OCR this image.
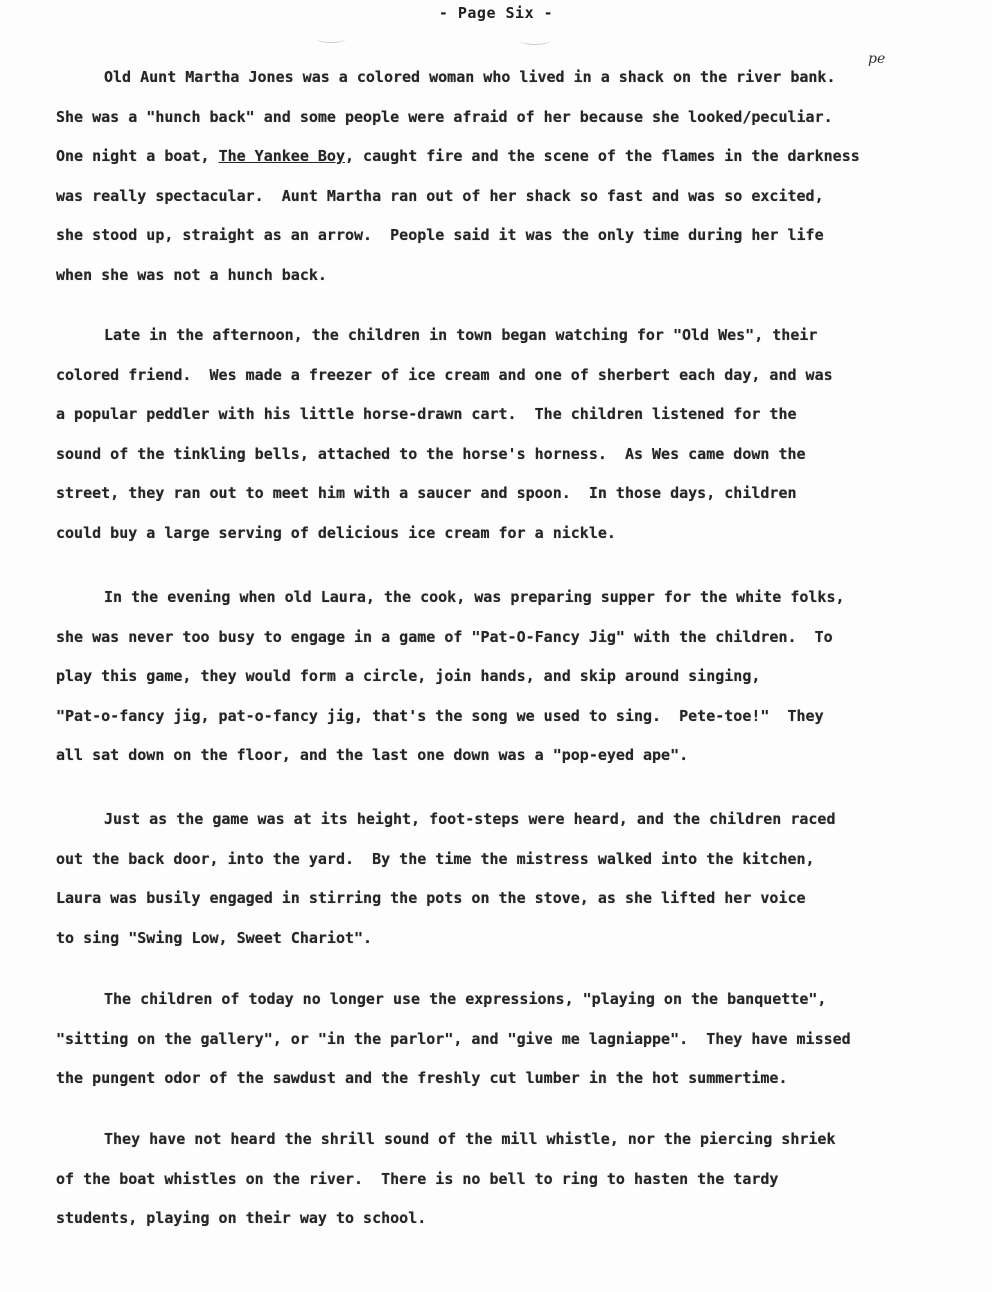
- Page Six -
pe
Old Aunt Martha Jones was a colored woman who lived in a shack on the river bank.
She was a "hunch back" and some people were afraid of her because she looked/peculiar.
One night a boat, The Yankee Boy, caught fire and the scene of the flames in the darkness
was really spectacular.  Aunt Martha ran out of her shack so fast and was so excited,
she stood up, straight as an arrow.  People said it was the only time during her life
when she was not a hunch back.
Late in the afternoon, the children in town began watching for "Old Wes", their
colored friend.  Wes made a freezer of ice cream and one of sherbert each day, and was
a popular peddler with his little horse-drawn cart.  The children listened for the
sound of the tinkling bells, attached to the horse's horness.  As Wes came down the
street, they ran out to meet him with a saucer and spoon.  In those days, children
could buy a large serving of delicious ice cream for a nickle.
In the evening when old Laura, the cook, was preparing supper for the white folks,
she was never too busy to engage in a game of "Pat-O-Fancy Jig" with the children.  To
play this game, they would form a circle, join hands, and skip around singing,
"Pat-o-fancy jig, pat-o-fancy jig, that's the song we used to sing.  Pete-toe!"  They
all sat down on the floor, and the last one down was a "pop-eyed ape".
Just as the game was at its height, foot-steps were heard, and the children raced
out the back door, into the yard.  By the time the mistress walked into the kitchen,
Laura was busily engaged in stirring the pots on the stove, as she lifted her voice
to sing "Swing Low, Sweet Chariot".
The children of today no longer use the expressions, "playing on the banquette",
"sitting on the gallery", or "in the parlor", and "give me lagniappe".  They have missed
the pungent odor of the sawdust and the freshly cut lumber in the hot summertime.
They have not heard the shrill sound of the mill whistle, nor the piercing shriek
of the boat whistles on the river.  There is no bell to ring to hasten the tardy
students, playing on their way to school.
